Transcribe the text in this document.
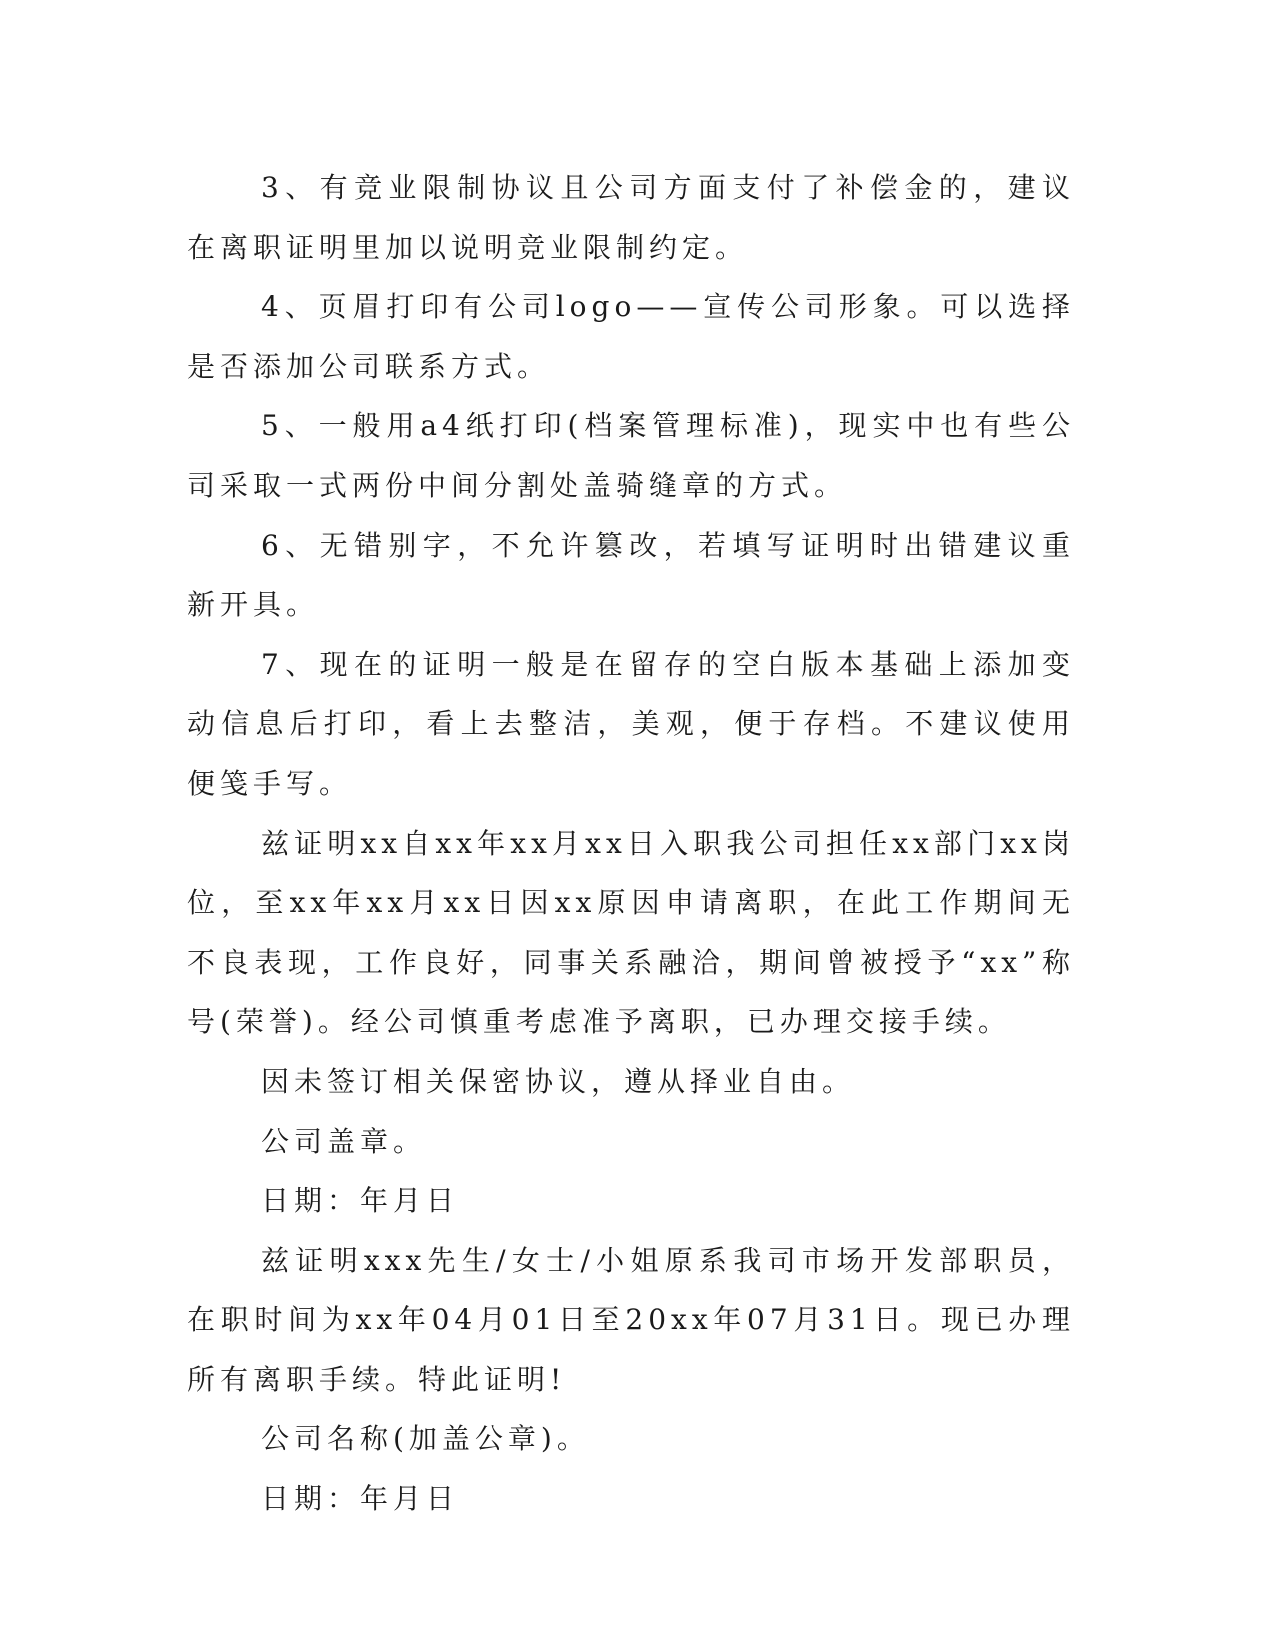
3、有竞业限制协议且公司方面支付了补偿金的，建议在离职证明里加以说明竞业限制约定。

4、页眉打印有公司logo——宣传公司形象。可以选择是否添加公司联系方式。

5、一般用a4纸打印(档案管理标准)，现实中也有些公司采取一式两份中间分割处盖骑缝章的方式。

6、无错别字，不允许篡改，若填写证明时出错建议重新开具。

7、现在的证明一般是在留存的空白版本基础上添加变动信息后打印，看上去整洁，美观，便于存档。不建议使用便笺手写。

兹证明xx自xx年xx月xx日入职我公司担任xx部门xx岗位，至xx年xx月xx日因xx原因申请离职，在此工作期间无不良表现，工作良好，同事关系融洽，期间曾被授予“xx”称号(荣誉)。经公司慎重考虑准予离职，已办理交接手续。

因未签订相关保密协议，遵从择业自由。

公司盖章。

日期：年月日

兹证明xxx先生/女士/小姐原系我司市场开发部职员，在职时间为xx年04月01日至20xx年07月31日。现已办理所有离职手续。特此证明!

公司名称(加盖公章)。

日期：年月日
